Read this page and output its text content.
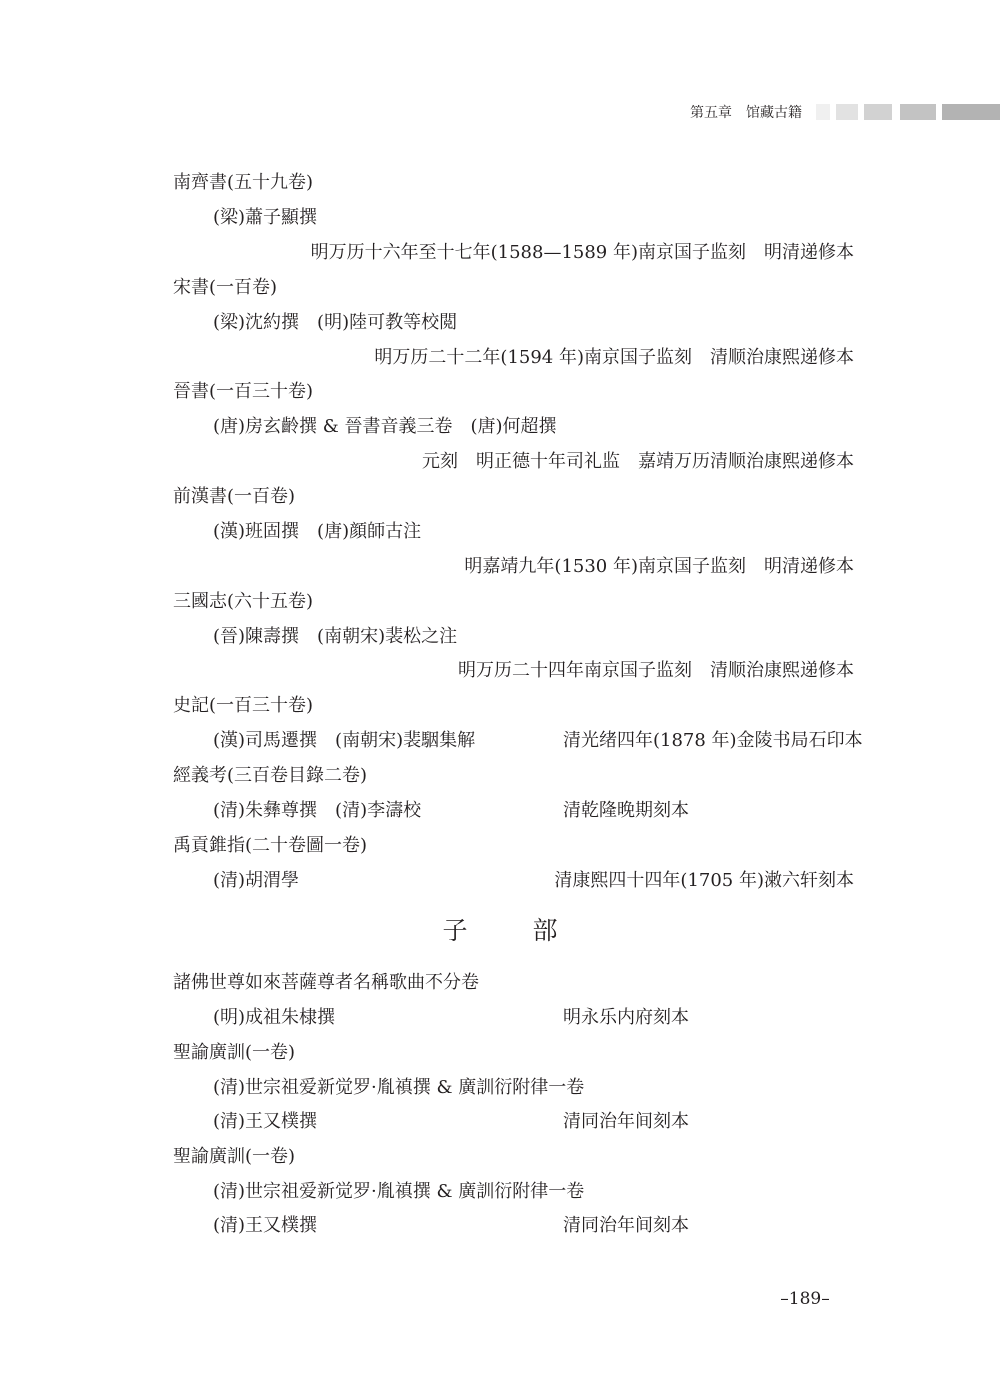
第五章　馆藏古籍
南齊書(五十九卷)
(梁)蕭子顯撰
明万历十六年至十七年(1588—1589 年)南京国子监刻　明清递修本
宋書(一百卷)
(梁)沈約撰　(明)陸可教等校閲
明万历二十二年(1594 年)南京国子监刻　清顺治康熙递修本
晉書(一百三十卷)
(唐)房玄齡撰 & 晉書音義三卷　(唐)何超撰
元刻　明正德十年司礼监　嘉靖万历清顺治康熙递修本
前漢書(一百卷)
(漢)班固撰　(唐)顔師古注
明嘉靖九年(1530 年)南京国子监刻　明清递修本
三國志(六十五卷)
(晉)陳壽撰　(南朝宋)裴松之注
明万历二十四年南京国子监刻　清顺治康熙递修本
史記(一百三十卷)
(漢)司馬遷撰　(南朝宋)裴駰集解	清光绪四年(1878 年)金陵书局石印本
經義考(三百卷目錄二卷)
(清)朱彝尊撰　(清)李濤校	清乾隆晚期刻本
禹貢錐指(二十卷圖一卷)
(清)胡渭學	清康熙四十四年(1705 年)潄六轩刻本
子　部
諸佛世尊如來菩薩尊者名稱歌曲不分卷
(明)成祖朱棣撰	明永乐内府刻本
聖諭廣訓(一卷)
(清)世宗祖爱新觉罗·胤禛撰 & 廣訓衍附律一卷
(清)王又樸撰	清同治年间刻本
聖諭廣訓(一卷)
(清)世宗祖爱新觉罗·胤禛撰 & 廣訓衍附律一卷
(清)王又樸撰	清同治年间刻本
–189–
